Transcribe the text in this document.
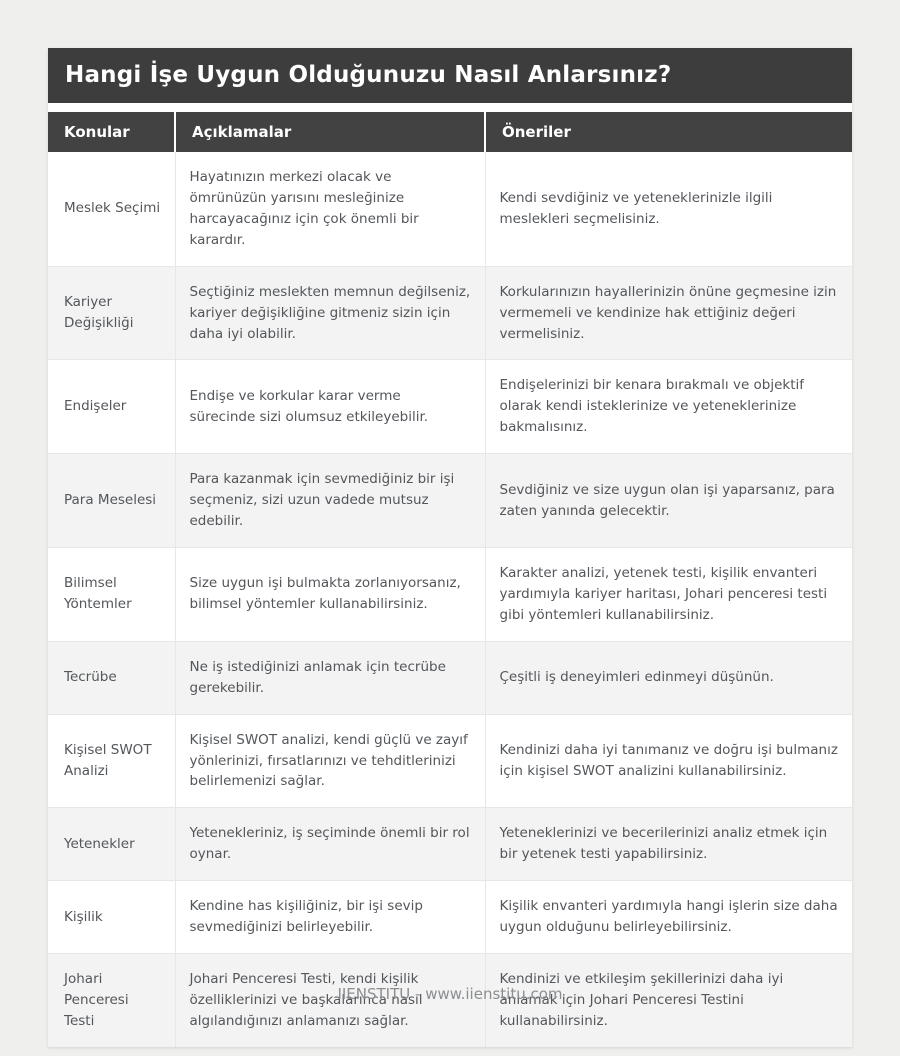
Hangi İşe Uygun Olduğunuzu Nasıl Anlarsınız?
Konular	Açıklamalar	Öneriler
Meslek Seçimi	Hayatınızın merkezi olacak ve ömrünüzün yarısını mesleğinize harcayacağınız için çok önemli bir karardır.	Kendi sevdiğiniz ve yeteneklerinizle ilgili meslekleri seçmelisiniz.
Kariyer Değişikliği	Seçtiğiniz meslekten memnun değilseniz, kariyer değişikliğine gitmeniz sizin için daha iyi olabilir.	Korkularınızın hayallerinizin önüne geçmesine izin vermemeli ve kendinize hak ettiğiniz değeri vermelisiniz.
Endişeler	Endişe ve korkular karar verme sürecinde sizi olumsuz etkileyebilir.	Endişelerinizi bir kenara bırakmalı ve objektif olarak kendi isteklerinize ve yeteneklerinize bakmalısınız.
Para Meselesi	Para kazanmak için sevmediğiniz bir işi seçmeniz, sizi uzun vadede mutsuz edebilir.	Sevdiğiniz ve size uygun olan işi yaparsanız, para zaten yanında gelecektir.
Bilimsel Yöntemler	Size uygun işi bulmakta zorlanıyorsanız, bilimsel yöntemler kullanabilirsiniz.	Karakter analizi, yetenek testi, kişilik envanteri yardımıyla kariyer haritası, Johari penceresi testi gibi yöntemleri kullanabilirsiniz.
Tecrübe	Ne iş istediğinizi anlamak için tecrübe gerekebilir.	Çeşitli iş deneyimleri edinmeyi düşünün.
Kişisel SWOT Analizi	Kişisel SWOT analizi, kendi güçlü ve zayıf yönlerinizi, fırsatlarınızı ve tehditlerinizi belirlemenizi sağlar.	Kendinizi daha iyi tanımanız ve doğru işi bulmanız için kişisel SWOT analizini kullanabilirsiniz.
Yetenekler	Yetenekleriniz, iş seçiminde önemli bir rol oynar.	Yeteneklerinizi ve becerilerinizi analiz etmek için bir yetenek testi yapabilirsiniz.
Kişilik	Kendine has kişiliğiniz, bir işi sevip sevmediğinizi belirleyebilir.	Kişilik envanteri yardımıyla hangi işlerin size daha uygun olduğunu belirleyebilirsiniz.
Johari Penceresi Testi	Johari Penceresi Testi, kendi kişilik özelliklerinizi ve başkalarınca nasıl algılandığınızı anlamanızı sağlar.	Kendinizi ve etkileşim şekillerinizi daha iyi anlamak için Johari Penceresi Testini kullanabilirsiniz.
IIENSTITU - www.iienstitu.com
